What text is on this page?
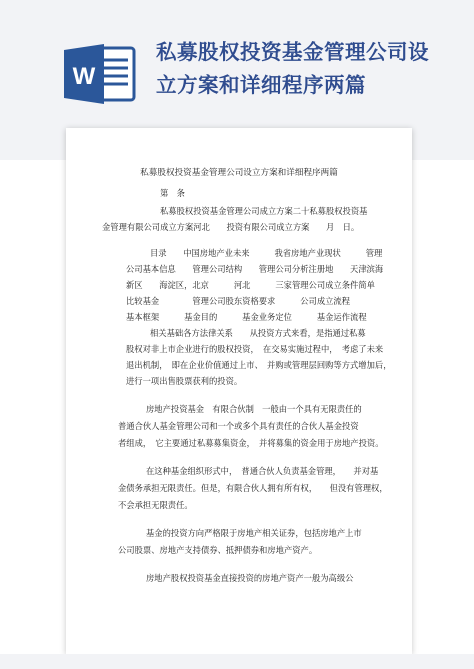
W
私募股权投资基金管理公司设
立方案和详细程序两篇
私募股权投资基金管理公司设立方案和详细程序两篇
第　条
私募股权投资基金管理公司成立方案二十私募股权投资基
金管理有限公司成立方案河北　　投资有限公司成立方案　　月　日。
目录　　中国房地产业未来　　　我省房地产业现状　　　管理
公司基本信息　　管理公司结构　　管理公司分析注册地　　天津滨海
新区　　海淀区，北京　　　河北　　　三家管理公司成立条件简单
比较基金　　　　管理公司股东资格要求　　　公司成立流程
基本框架　　　基金目的　　　基金业务定位　　　基金运作流程
相关基础各方法律关系　　从投资方式来看，是指通过私募
股权对非上市企业进行的股权投资，　在交易实施过程中，　考虑了未来
退出机制，　即在企业价值通过上市、　并购或管理层回购等方式增加后，
进行一项出售股票获利的投资。
房地产投资基金　有限合伙制　一般由一个具有无限责任的
普通合伙人基金管理公司和一个或多个具有责任的合伙人基金投资
者组成，　它主要通过私募募集资金，　并将募集的资金用于房地产投资。
在这种基金组织形式中，　普通合伙人负责基金管理，　　并对基
金债务承担无限责任。但是，有限合伙人拥有所有权，　　但没有管理权，
不会承担无限责任。
基金的投资方向严格限于房地产相关证券，包括房地产上市
公司股票、房地产支持债券、抵押债券和房地产资产。
房地产股权投资基金直接投资的房地产资产一般为高级公
